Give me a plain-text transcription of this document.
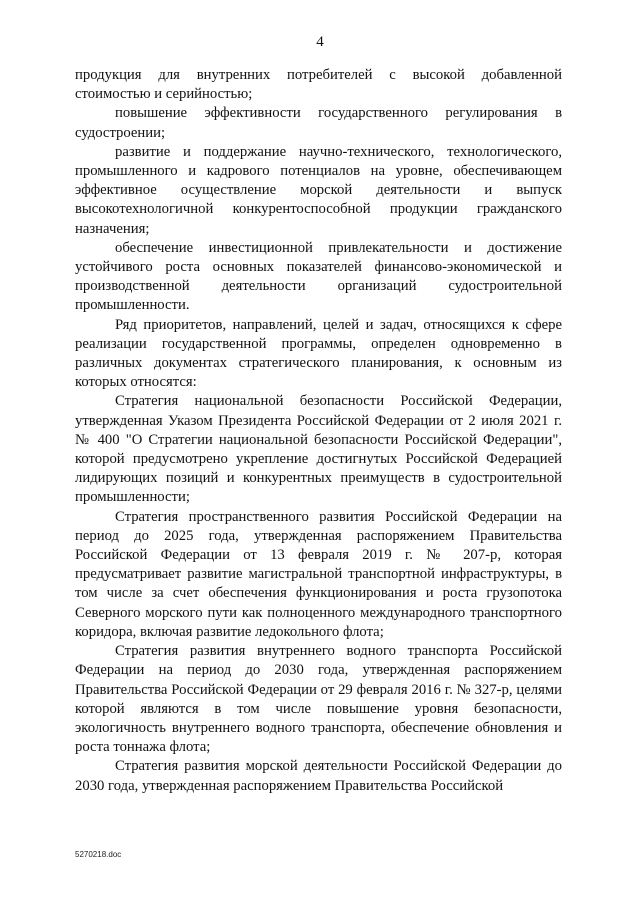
4

продукция для внутренних потребителей с высокой добавленной стоимостью и серийностью;

повышение эффективности государственного регулирования в судостроении;

развитие и поддержание научно-технического, технологического, промышленного и кадрового потенциалов на уровне, обеспечивающем эффективное осуществление морской деятельности и выпуск высокотехнологичной конкурентоспособной продукции гражданского назначения;

обеспечение инвестиционной привлекательности и достижение устойчивого роста основных показателей финансово-экономической и производственной деятельности организаций судостроительной промышленности.

Ряд приоритетов, направлений, целей и задач, относящихся к сфере реализации государственной программы, определен одновременно в различных документах стратегического планирования, к основным из которых относятся:

Стратегия национальной безопасности Российской Федерации, утвержденная Указом Президента Российской Федерации от 2 июля 2021 г. № 400 "О Стратегии национальной безопасности Российской Федерации", которой предусмотрено укрепление достигнутых Российской Федерацией лидирующих позиций и конкурентных преимуществ в судостроительной промышленности;

Стратегия пространственного развития Российской Федерации на период до 2025 года, утвержденная распоряжением Правительства Российской Федерации от 13 февраля 2019 г. № 207-р, которая предусматривает развитие магистральной транспортной инфраструктуры, в том числе за счет обеспечения функционирования и роста грузопотока Северного морского пути как полноценного международного транспортного коридора, включая развитие ледокольного флота;

Стратегия развития внутреннего водного транспорта Российской Федерации на период до 2030 года, утвержденная распоряжением Правительства Российской Федерации от 29 февраля 2016 г. № 327-р, целями которой являются в том числе повышение уровня безопасности, экологичность внутреннего водного транспорта, обеспечение обновления и роста тоннажа флота;

Стратегия развития морской деятельности Российской Федерации до 2030 года, утвержденная распоряжением Правительства Российской

5270218.doc
